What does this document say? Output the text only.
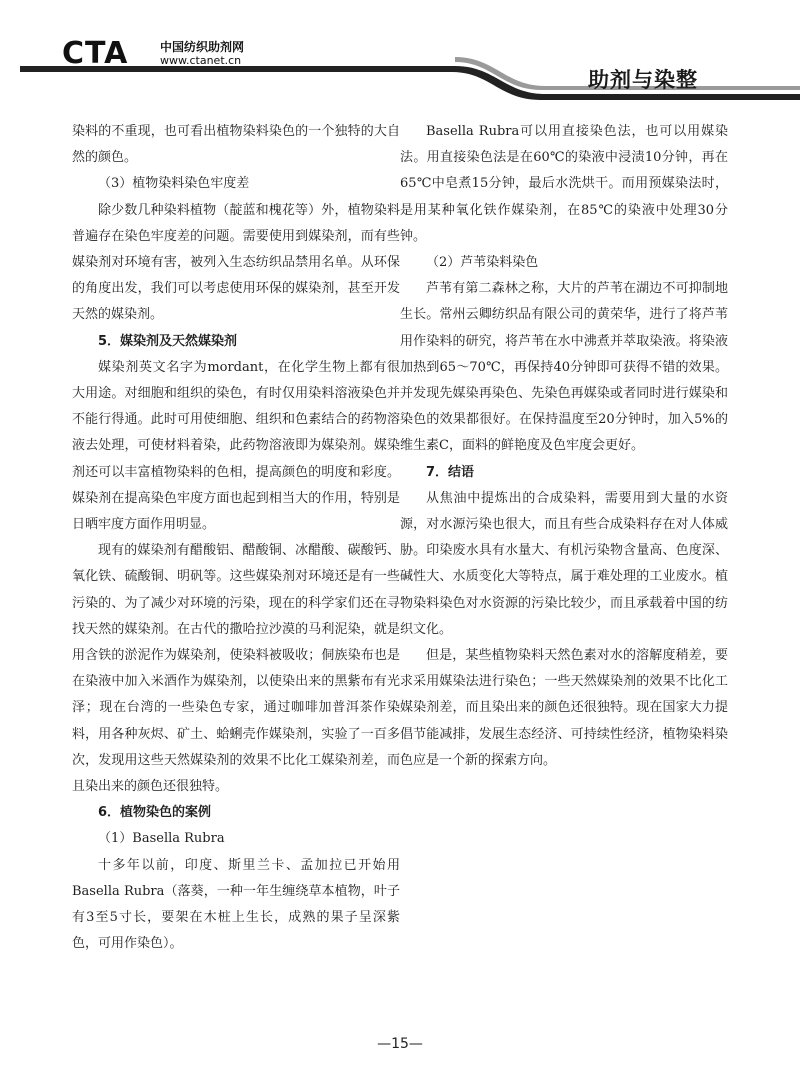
CTA	中国纺织助剂网
www.ctanet.cn
助剂与染整

染料的不重现，也可看出植物染料染色的一个独特的大自然的颜色。

（3）植物染料染色牢度差

除少数几种染料植物（靛蓝和槐花等）外，植物染料普遍存在染色牢度差的问题。需要使用到媒染剂，而有些媒染剂对环境有害，被列入生态纺织品禁用名单。从环保的角度出发，我们可以考虑使用环保的媒染剂，甚至开发天然的媒染剂。

5．媒染剂及天然媒染剂

媒染剂英文名字为mordant，在化学生物上都有很大用途。对细胞和组织的染色，有时仅用染料溶液染色并不能行得通。此时可用使细胞、组织和色素结合的药物溶液去处理，可使材料着染，此药物溶液即为媒染剂。媒染剂还可以丰富植物染料的色相，提高颜色的明度和彩度。媒染剂在提高染色牢度方面也起到相当大的作用，特别是日晒牢度方面作用明显。

现有的媒染剂有醋酸铝、醋酸铜、冰醋酸、碳酸钙、氧化铁、硫酸铜、明矾等。这些媒染剂对环境还是有一些污染的、为了减少对环境的污染，现在的科学家们还在寻找天然的媒染剂。在古代的撒哈拉沙漠的马利泥染，就是用含铁的淤泥作为媒染剂，使染料被吸收；侗族染布也是在染液中加入米酒作为媒染剂，以使染出来的黑紫布有光泽；现在台湾的一些染色专家，通过咖啡加普洱茶作染料，用各种灰烬、矿土、蛤蜊壳作媒染剂，实验了一百多次，发现用这些天然媒染剂的效果不比化工媒染剂差，而且染出来的颜色还很独特。

6．植物染色的案例

（1）Basella Rubra

十多年以前，印度、斯里兰卡、孟加拉已开始用Basella Rubra（落葵，一种一年生缠绕草本植物，叶子有3至5寸长，要架在木桩上生长，成熟的果子呈深紫色，可用作染色）。

Basella Rubra可以用直接染色法，也可以用媒染法。用直接染色法是在60℃的染液中浸渍10分钟，再在65℃中皂煮15分钟，最后水洗烘干。而用预媒染法时，是用某种氧化铁作媒染剂，在85℃的染液中处理30分钟。

（2）芦苇染料染色

芦苇有第二森林之称，大片的芦苇在湖边不可抑制地生长。常州云卿纺织品有限公司的黄荣华，进行了将芦苇用作染料的研究，将芦苇在水中沸煮并萃取染液。将染液加热到65～70℃，再保持40分钟即可获得不错的效果。并发现先媒染再染色、先染色再媒染或者同时进行媒染和染色的效果都很好。在保持温度至20分钟时，加入5%的维生素C，面料的鲜艳度及色牢度会更好。

7．结语

从焦油中提炼出的合成染料，需要用到大量的水资源，对水源污染也很大，而且有些合成染料存在对人体威胁。印染废水具有水量大、有机污染物含量高、色度深、碱性大、水质变化大等特点，属于难处理的工业废水。植物染料染色对水资源的污染比较少，而且承载着中国的纺织文化。

但是，某些植物染料天然色素对水的溶解度稍差，要求采用媒染法进行染色；一些天然媒染剂的效果不比化工媒染剂差，而且染出来的颜色还很独特。现在国家大力提倡节能减排，发展生态经济、可持续性经济，植物染料染色应是一个新的探索方向。

—15—
